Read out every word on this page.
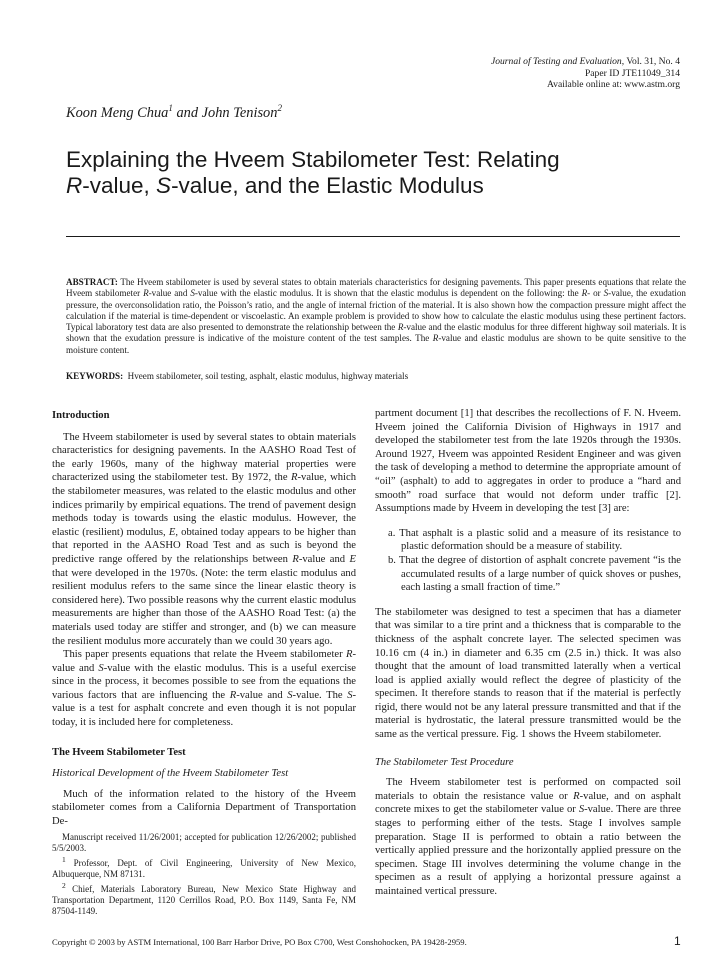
Journal of Testing and Evaluation, Vol. 31, No. 4
Paper ID JTE11049_314
Available online at: www.astm.org
Koon Meng Chua$^1$ and John Tenison$^2$
Explaining the Hveem Stabilometer Test: Relating
R-value, S-value, and the Elastic Modulus
ABSTRACT: The Hveem stabilometer is used by several states to obtain materials characteristics for designing pavements. This paper presents equations that relate the Hveem stabilometer R-value and S-value with the elastic modulus. It is shown that the elastic modulus is dependent on the following: the R- or S-value, the exudation pressure, the overconsolidation ratio, the Poisson’s ratio, and the angle of internal friction of the material. It is also shown how the compaction pressure might affect the calculation if the material is time-dependent or viscoelastic. An example problem is provided to show how to calculate the elastic modulus using these pertinent factors. Typical laboratory test data are also presented to demonstrate the relationship between the R-value and the elastic modulus for three different highway soil materials. It is shown that the exudation pressure is indicative of the moisture content of the test samples. The R-value and elastic modulus are shown to be quite sensitive to the moisture content.
KEYWORDS:  Hveem stabilometer, soil testing, asphalt, elastic modulus, highway materials
Introduction

The Hveem stabilometer is used by several states to obtain materials characteristics for designing pavements. In the AASHO Road Test of the early 1960s, many of the highway material properties were characterized using the stabilometer test. By 1972, the R-value, which the stabilometer measures, was related to the elastic modulus and other indices primarily by empirical equations. The trend of pavement design methods today is towards using the elastic modulus. However, the elastic (resilient) modulus, E, obtained today appears to be higher than that reported in the AASHO Road Test and as such is beyond the predictive range offered by the relationships between R-value and E that were developed in the 1970s. (Note: the term elastic modulus and resilient modulus refers to the same since the linear elastic theory is considered here). Two possible reasons why the current elastic modulus measurements are higher than those of the AASHO Road Test: (a) the materials used today are stiffer and stronger, and (b) we can measure the resilient modulus more accurately than we could 30 years ago.

This paper presents equations that relate the Hveem stabilometer R-value and S-value with the elastic modulus. This is a useful exercise since in the process, it becomes possible to see from the equations the various factors that are influencing the R-value and S-value. The S-value is a test for asphalt concrete and even though it is not popular today, it is included here for completeness.

The Hveem Stabilometer Test
Historical Development of the Hveem Stabilometer Test

Much of the information related to the history of the Hveem stabilometer comes from a California Department of Transportation De-

Manuscript received 11/26/2001; accepted for publication 12/26/2002; published 5/5/2003.

$^1$ Professor, Dept. of Civil Engineering, University of New Mexico, Albuquerque, NM 87131.

$^2$ Chief, Materials Laboratory Bureau, New Mexico State Highway and Transportation Department, 1120 Cerrillos Road, P.O. Box 1149, Santa Fe, NM 87504-1149.

partment document [1] that describes the recollections of F. N. Hveem. Hveem joined the California Division of Highways in 1917 and developed the stabilometer test from the late 1920s through the 1930s. Around 1927, Hveem was appointed Resident Engineer and was given the task of developing a method to determine the appropriate amount of “oil” (asphalt) to add to aggregates in order to produce a “hard and smooth” road surface that would not deform under traffic [2]. Assumptions made by Hveem in developing the test [3] are:

a. That asphalt is a plastic solid and a measure of its resistance to plastic deformation should be a measure of stability.

b. That the degree of distortion of asphalt concrete pavement “is the accumulated results of a large number of quick shoves or pushes, each lasting a small fraction of time.”

The stabilometer was designed to test a specimen that has a diameter that was similar to a tire print and a thickness that is comparable to the thickness of the asphalt concrete layer. The selected specimen was 10.16 cm (4 in.) in diameter and 6.35 cm (2.5 in.) thick. It was also thought that the amount of load transmitted laterally when a vertical load is applied axially would reflect the degree of plasticity of the specimen. It therefore stands to reason that if the material is perfectly rigid, there would not be any lateral pressure transmitted and that if the material is hydrostatic, the lateral pressure transmitted would be the same as the vertical pressure. Fig. 1 shows the Hveem stabilometer.

The Stabilometer Test Procedure

The Hveem stabilometer test is performed on compacted soil materials to obtain the resistance value or R-value, and on asphalt concrete mixes to get the stabilometer value or S-value. There are three stages to performing either of the tests. Stage I involves sample preparation. Stage II is performed to obtain a ratio between the vertically applied pressure and the horizontally applied pressure on the specimen. Stage III involves determining the volume change in the specimen as a result of applying a horizontal pressure against a maintained vertical pressure.

Copyright © 2003 by ASTM International, 100 Barr Harbor Drive, PO Box C700, West Conshohocken, PA 19428-2959.	1
